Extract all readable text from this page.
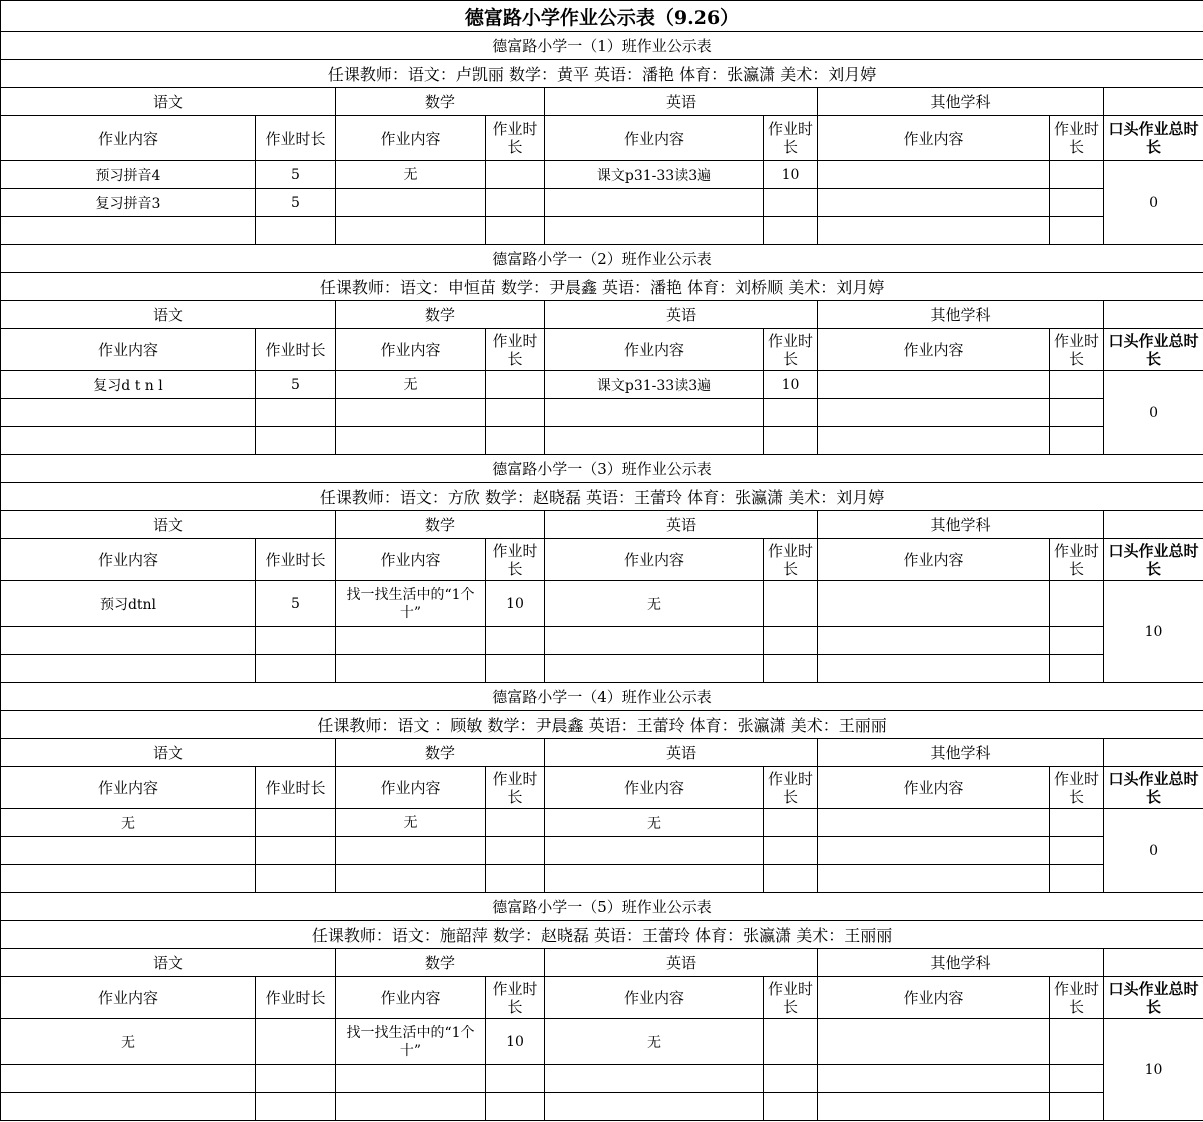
德富路小学作业公示表（9.26）								
德富路小学一（1）班作业公示表								
任课教师：语文：卢凯丽 数学：黄平 英语：潘艳 体育：张瀛潇 美术：刘月婷								
语文		数学		英语		其他学科		
作业内容	作业时长	作业内容	作业时长	作业内容	作业时长	作业内容	作业时长	口头作业总时长
预习拼音4	5	无		课文p31-33读3遍	10			0
复习拼音3	5							

德富路小学一（2）班作业公示表								
任课教师：语文：申恒苗 数学：尹晨鑫 英语：潘艳 体育：刘桥顺 美术：刘月婷								
语文		数学		英语		其他学科		
作业内容	作业时长	作业内容	作业时长	作业内容	作业时长	作业内容	作业时长	口头作业总时长
复习d t n l	5	无		课文p31-33读3遍	10			0

德富路小学一（3）班作业公示表								
任课教师：语文：方欣 数学：赵晓磊 英语：王蕾玲 体育：张瀛潇 美术：刘月婷								
语文		数学		英语		其他学科		
作业内容	作业时长	作业内容	作业时长	作业内容	作业时长	作业内容	作业时长	口头作业总时长
预习dtnl	5	找一找生活中的“1个十”	10	无				10

德富路小学一（4）班作业公示表								
任课教师：语文 ：顾敏 数学：尹晨鑫 英语：王蕾玲 体育：张瀛潇 美术：王丽丽								
语文		数学		英语		其他学科		
作业内容	作业时长	作业内容	作业时长	作业内容	作业时长	作业内容	作业时长	口头作业总时长
无		无		无				0

德富路小学一（5）班作业公示表								
任课教师：语文：施韶萍 数学：赵晓磊 英语：王蕾玲 体育：张瀛潇 美术：王丽丽								
语文		数学		英语		其他学科		
作业内容	作业时长	作业内容	作业时长	作业内容	作业时长	作业内容	作业时长	口头作业总时长
无		找一找生活中的“1个十”	10	无				10
